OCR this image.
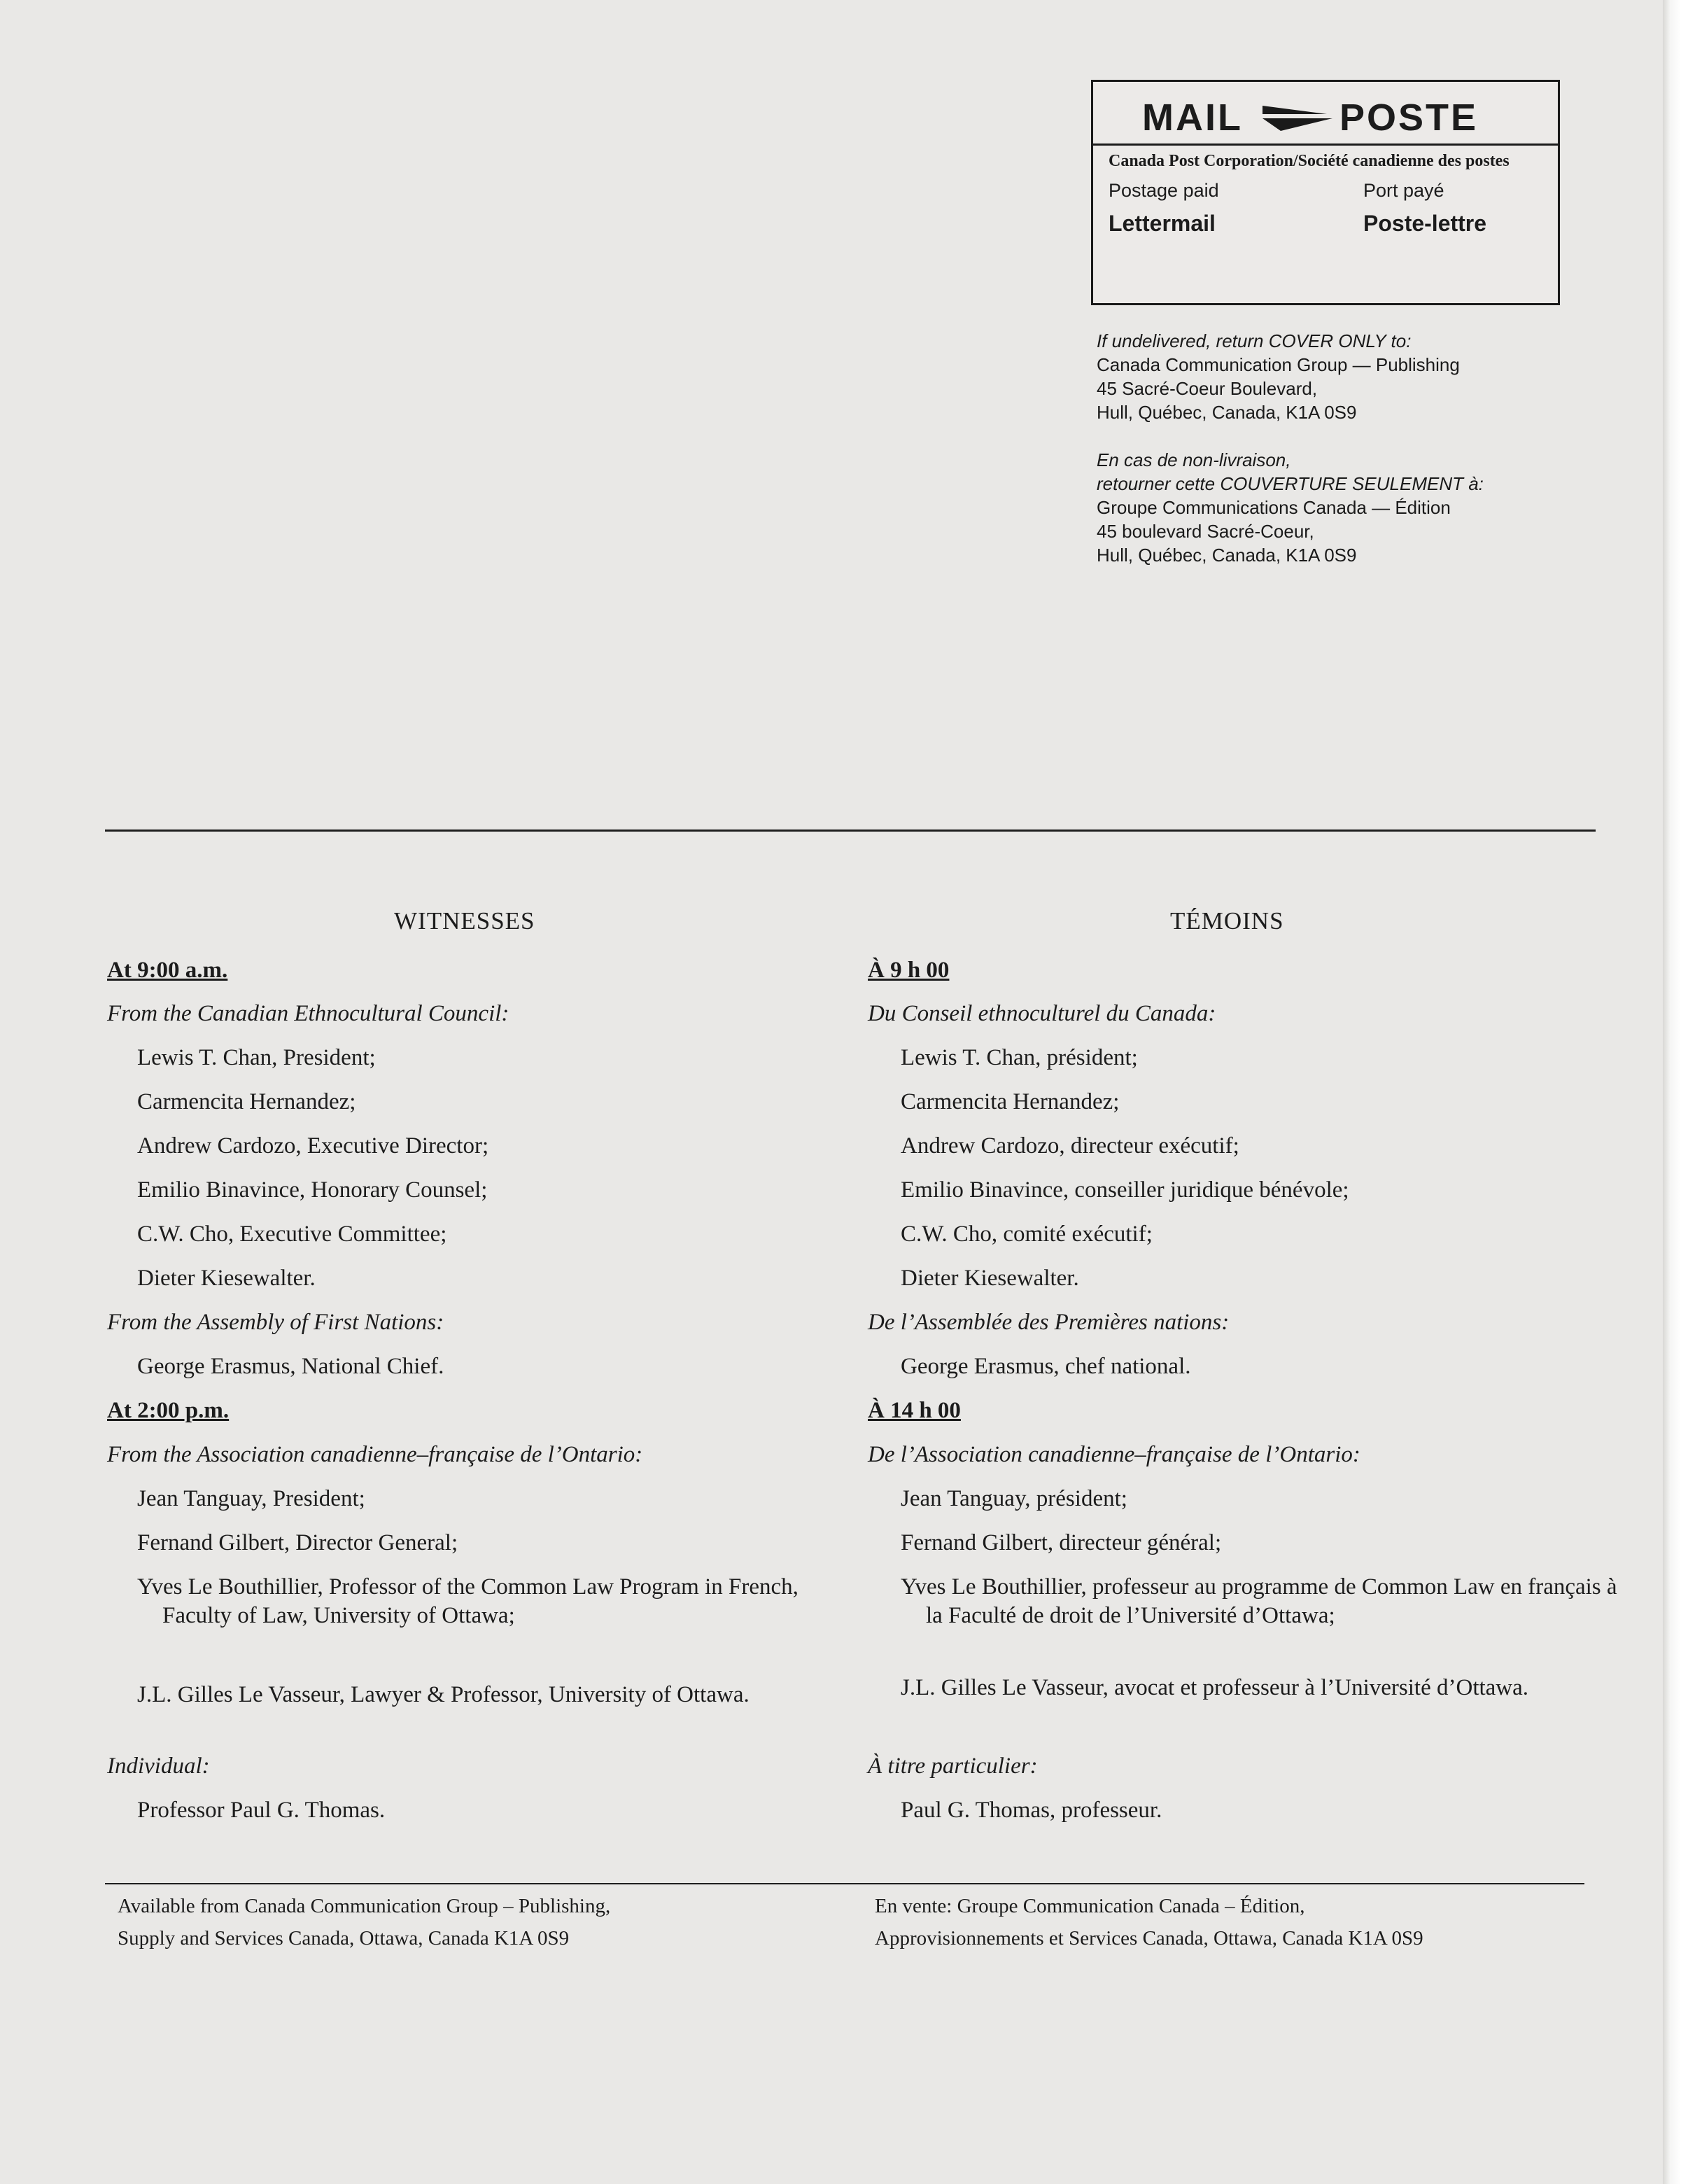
MAIL	POSTE
Canada Post Corporation/Société canadienne des postes
Postage paid	Port payé
Lettermail	Poste-lettre
If undelivered, return COVER ONLY to:
Canada Communication Group — Publishing
45 Sacré-Coeur Boulevard,
Hull, Québec, Canada, K1A 0S9
En cas de non-livraison,
retourner cette COUVERTURE SEULEMENT à:
Groupe Communications Canada — Édition
45 boulevard Sacré-Coeur,
Hull, Québec, Canada, K1A 0S9
WITNESSES
At 9:00 a.m.
From the Canadian Ethnocultural Council:
Lewis T. Chan, President;
Carmencita Hernandez;
Andrew Cardozo, Executive Director;
Emilio Binavince, Honorary Counsel;
C.W. Cho, Executive Committee;
Dieter Kiesewalter.
From the Assembly of First Nations:
George Erasmus, National Chief.
At 2:00 p.m.
From the Association canadienne–française de l’Ontario:
Jean Tanguay, President;
Fernand Gilbert, Director General;
Yves Le Bouthillier, Professor of the Common Law Program in French, Faculty of Law, University of Ottawa;
J.L. Gilles Le Vasseur, Lawyer & Professor, University of Ottawa.
Individual:
Professor Paul G. Thomas.
TÉMOINS
À 9 h 00
Du Conseil ethnoculturel du Canada:
Lewis T. Chan, président;
Carmencita Hernandez;
Andrew Cardozo, directeur exécutif;
Emilio Binavince, conseiller juridique bénévole;
C.W. Cho, comité exécutif;
Dieter Kiesewalter.
De l’Assemblée des Premières nations:
George Erasmus, chef national.
À 14 h 00
De l’Association canadienne–française de l’Ontario:
Jean Tanguay, président;
Fernand Gilbert, directeur général;
Yves Le Bouthillier, professeur au programme de Common Law en français à la Faculté de droit de l’Université d’Ottawa;
J.L. Gilles Le Vasseur, avocat et professeur à l’Université d’Ottawa.
À titre particulier:
Paul G. Thomas, professeur.
Available from Canada Communication Group – Publishing,
Supply and Services Canada, Ottawa, Canada K1A 0S9
En vente: Groupe Communication Canada – Édition,
Approvisionnements et Services Canada, Ottawa, Canada K1A 0S9
